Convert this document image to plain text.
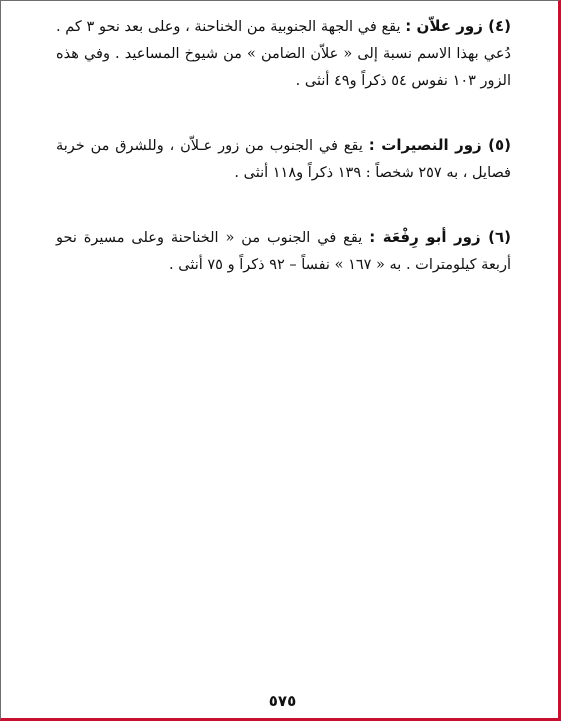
(٤) زور علاّن : يقع في الجهة الجنوبية من الخناحنة ، وعلى بعد نحو ٣ كم . دُعي بهذا الاسم نسبة إلى « علاّن الضامن » من شيوخ المساعيد . وفي هذه الزور ١٠٣ نفوس ٥٤ ذكراً و٤٩ أنثى .

(٥) زور النصيرات : يقع في الجنوب من زور عـلاّن ، وللشرق من خربة فصايل ، به ٢٥٧ شخصاً : ١٣٩ ذكراً و١١٨ أنثى .

(٦) زور أبو رِفْعَة : يقع في الجنوب من « الخناحنة وعلى مسيرة نحو أربعة كيلومترات . به « ١٦٧ » نفساً – ٩٢ ذكراً و ٧٥ أنثى .

٥٧٥
